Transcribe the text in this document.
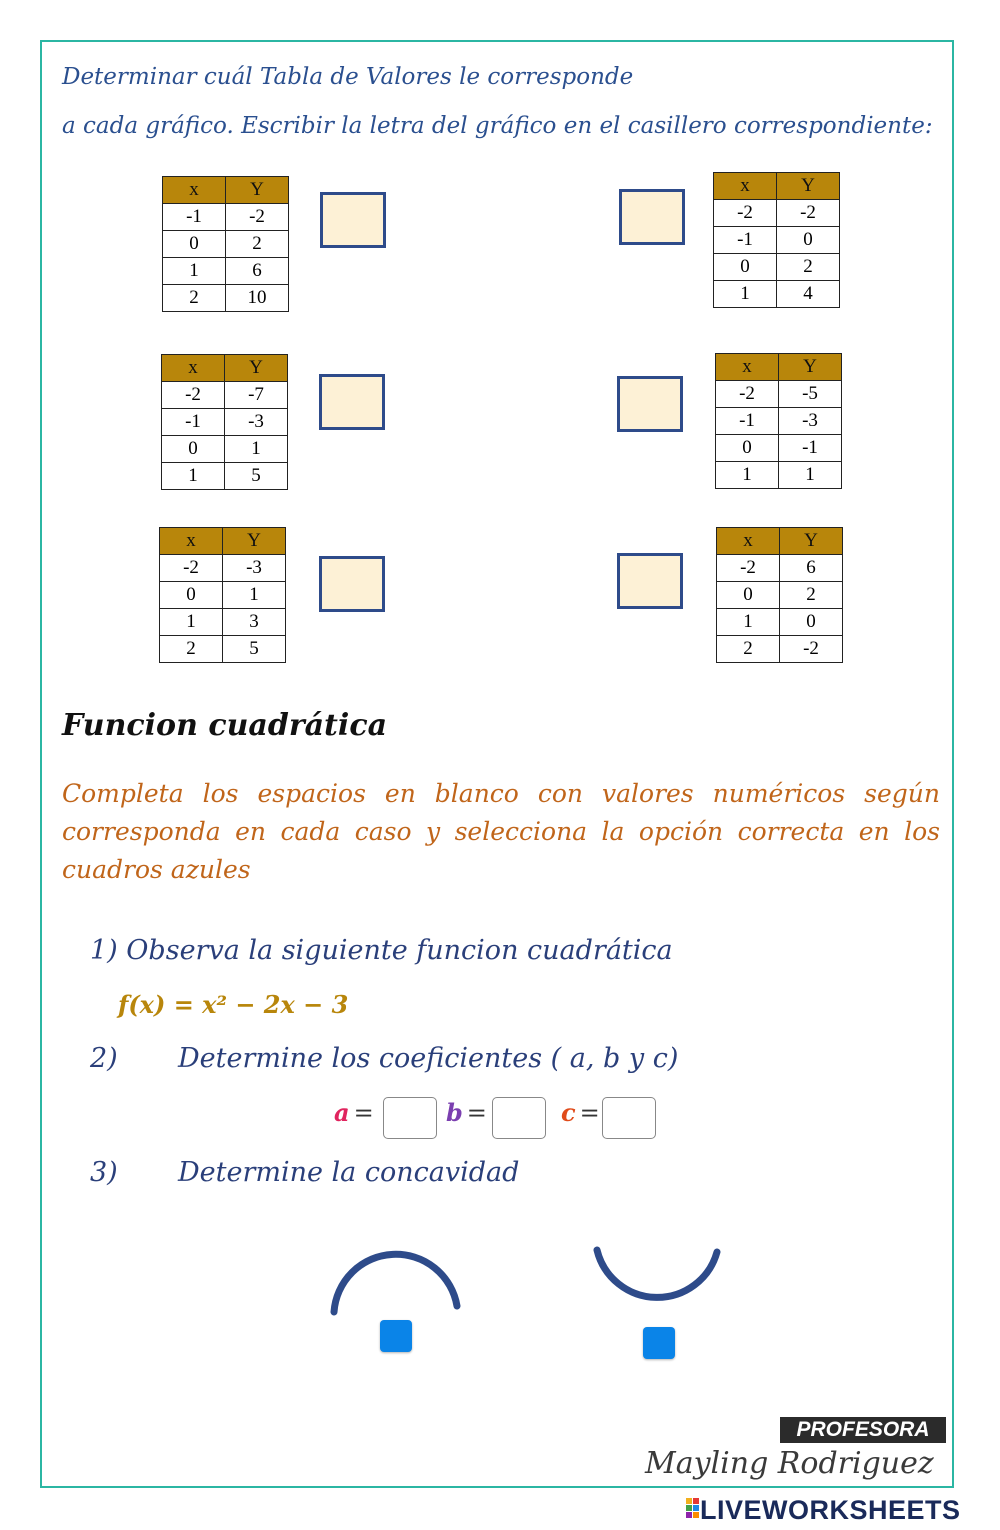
Determinar cuál Tabla de Valores le corresponde
a cada gráfico. Escribir la letra del gráfico en el casillero correspondiente:
x	Y
-1	-2
0	2
1	6
2	10
x	Y
-2	-2
-1	0
0	2
1	4
x	Y
-2	-7
-1	-3
0	1
1	5
x	Y
-2	-5
-1	-3
0	-1
1	1
x	Y
-2	-3
0	1
1	3
2	5
x	Y
-2	6
0	2
1	0
2	-2
Funcion cuadrática
Completa los espacios en blanco con valores numéricos según corresponda en cada caso y selecciona la opción correcta en los cuadros azules
1) Observa la siguiente funcion cuadrática
f(x) = x² − 2x − 3
2) Determine los coeficientes ( a, b y c)
a =	b =	c =
3) Determine la concavidad
Mayling Rodriguez
PROFESORA
LIVEWORKSHEETS
